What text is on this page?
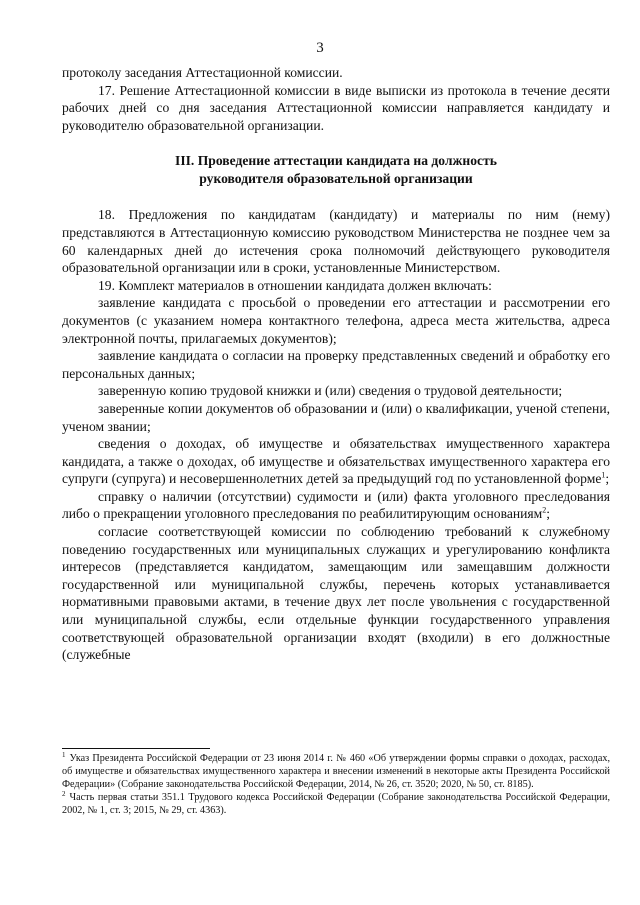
3

протоколу заседания Аттестационной комиссии.

17. Решение Аттестационной комиссии в виде выписки из протокола в течение десяти рабочих дней со дня заседания Аттестационной комиссии направляется кандидату и руководителю образовательной организации.

III. Проведение аттестации кандидата на должность
руководителя образовательной организации

18. Предложения по кандидатам (кандидату) и материалы по ним (нему) представляются в Аттестационную комиссию руководством Министерства не позднее чем за 60 календарных дней до истечения срока полномочий действующего руководителя образовательной организации или в сроки, установленные Министерством.

19. Комплект материалов в отношении кандидата должен включать:

заявление кандидата с просьбой о проведении его аттестации и рассмотрении его документов (с указанием номера контактного телефона, адреса места жительства, адреса электронной почты, прилагаемых документов);

заявление кандидата о согласии на проверку представленных сведений и обработку его персональных данных;

заверенную копию трудовой книжки и (или) сведения о трудовой деятельности;

заверенные копии документов об образовании и (или) о квалификации, ученой степени, ученом звании;

сведения о доходах, об имуществе и обязательствах имущественного характера кандидата, а также о доходах, об имуществе и обязательствах имущественного характера его супруги (супруга) и несовершеннолетних детей за предыдущий год по установленной форме$^1$;

справку о наличии (отсутствии) судимости и (или) факта уголовного преследования либо о прекращении уголовного преследования по реабилитирующим основаниям$^2$;

согласие соответствующей комиссии по соблюдению требований к служебному поведению государственных или муниципальных служащих и урегулированию конфликта интересов (представляется кандидатом, замещающим или замещавшим должности государственной или муниципальной службы, перечень которых устанавливается нормативными правовыми актами, в течение двух лет после увольнения с государственной или муниципальной службы, если отдельные функции государственного управления соответствующей образовательной организации входят (входили) в его должностные (служебные

$^1$ Указ Президента Российской Федерации от 23 июня 2014 г. № 460 «Об утверждении формы справки о доходах, расходах, об имуществе и обязательствах имущественного характера и внесении изменений в некоторые акты Президента Российской Федерации» (Собрание законодательства Российской Федерации, 2014, № 26, ст. 3520; 2020, № 50, ст. 8185).

$^2$ Часть первая статьи 351.1 Трудового кодекса Российской Федерации (Собрание законодательства Российской Федерации, 2002, № 1, ст. 3; 2015, № 29, ст. 4363).
